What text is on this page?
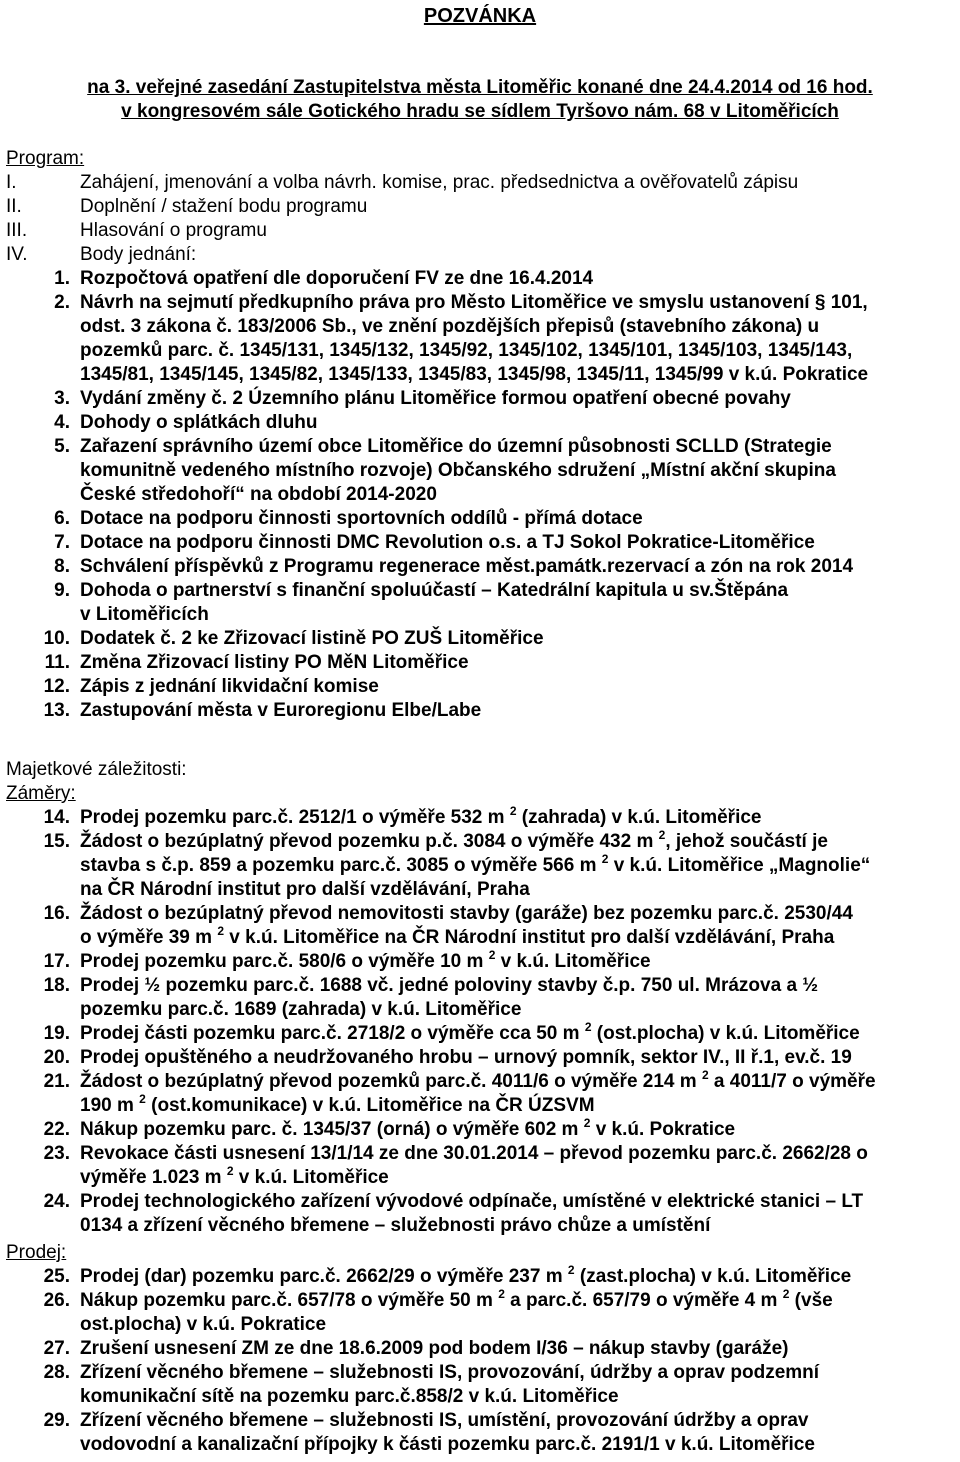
POZVÁNKA
na 3. veřejné zasedání Zastupitelstva města Litoměřic konané dne 24.4.2014 od 16 hod.
v kongresovém sále Gotického hradu se sídlem Tyršovo nám. 68 v Litoměřicích
Program:
I.	Zahájení, jmenování a volba návrh. komise, prac. předsednictva a ověřovatelů zápisu
II.	Doplnění / stažení bodu programu
III.	Hlasování o programu
IV.	Body jednání:
1. Rozpočtová opatření dle doporučení FV ze dne 16.4.2014
2. Návrh na sejmutí předkupního práva pro Město Litoměřice ve smyslu ustanovení § 101,
odst. 3 zákona č. 183/2006 Sb., ve znění pozdějších přepisů (stavebního zákona) u
pozemků parc. č. 1345/131, 1345/132, 1345/92, 1345/102, 1345/101, 1345/103, 1345/143,
1345/81, 1345/145, 1345/82, 1345/133, 1345/83, 1345/98, 1345/11, 1345/99 v k.ú. Pokratice
3. Vydání změny č. 2 Územního plánu Litoměřice formou opatření obecné povahy
4. Dohody o splátkách dluhu
5. Zařazení správního území obce Litoměřice do územní působnosti SCLLD (Strategie
komunitně vedeného místního rozvoje) Občanského sdružení „Místní akční skupina
České středohoří“ na období 2014-2020
6. Dotace na podporu činnosti sportovních oddílů - přímá dotace
7. Dotace na podporu činnosti DMC Revolution o.s. a TJ Sokol Pokratice-Litoměřice
8. Schválení příspěvků z Programu regenerace měst.památk.rezervací a zón na rok 2014
9. Dohoda o partnerství s finanční spoluúčastí – Katedrální kapitula u sv.Štěpána
v Litoměřicích
10. Dodatek č. 2 ke Zřizovací listině PO ZUŠ Litoměřice
11. Změna Zřizovací listiny PO MěN Litoměřice
12. Zápis z jednání likvidační komise
13. Zastupování města v Euroregionu Elbe/Labe
Majetkové záležitosti:
Záměry:
14. Prodej pozemku parc.č. 2512/1 o výměře 532 m $^2$ (zahrada) v k.ú. Litoměřice
15. Žádost o bezúplatný převod pozemku p.č. 3084 o výměře 432 m $^2$, jehož součástí je
stavba s č.p. 859 a pozemku parc.č. 3085 o výměře 566 m $^2$ v k.ú. Litoměřice „Magnolie“
na ČR Národní institut pro další vzdělávání, Praha
16. Žádost o bezúplatný převod nemovitosti stavby (garáže) bez pozemku parc.č. 2530/44
o výměře 39 m $^2$ v k.ú. Litoměřice na ČR Národní institut pro další vzdělávání, Praha
17. Prodej pozemku parc.č. 580/6 o výměře 10 m $^2$ v k.ú. Litoměřice
18. Prodej ½ pozemku parc.č. 1688 vč. jedné poloviny stavby č.p. 750 ul. Mrázova a ½
pozemku parc.č. 1689 (zahrada) v k.ú. Litoměřice
19. Prodej části pozemku parc.č. 2718/2 o výměře cca 50 m $^2$ (ost.plocha) v k.ú. Litoměřice
20. Prodej opuštěného a neudržovaného hrobu – urnový pomník, sektor IV., II ř.1, ev.č. 19
21. Žádost o bezúplatný převod pozemků parc.č. 4011/6 o výměře 214 m $^2$ a 4011/7 o výměře
190 m $^2$ (ost.komunikace) v k.ú. Litoměřice na ČR ÚZSVM
22. Nákup pozemku parc. č. 1345/37 (orná) o výměře 602 m $^2$ v k.ú. Pokratice
23. Revokace části usnesení 13/1/14 ze dne 30.01.2014 – převod pozemku parc.č. 2662/28 o
výměře 1.023 m $^2$ v k.ú. Litoměřice
24. Prodej technologického zařízení vývodové odpínače, umístěné v elektrické stanici – LT
0134 a zřízení věcného břemene – služebnosti právo chůze a umístění
Prodej:
25. Prodej (dar) pozemku parc.č. 2662/29 o výměře 237 m $^2$ (zast.plocha) v k.ú. Litoměřice
26. Nákup pozemku parc.č. 657/78 o výměře 50 m $^2$ a parc.č. 657/79 o výměře 4 m $^2$ (vše
ost.plocha) v k.ú. Pokratice
27. Zrušení usnesení ZM ze dne 18.6.2009 pod bodem I/36 – nákup stavby (garáže)
28. Zřízení věcného břemene – služebnosti IS, provozování, údržby a oprav podzemní
komunikační sítě na pozemku parc.č.858/2 v k.ú. Litoměřice
29. Zřízení věcného břemene – služebnosti IS, umístění, provozování údržby a oprav
vodovodní a kanalizační přípojky k části pozemku parc.č. 2191/1 v k.ú. Litoměřice
